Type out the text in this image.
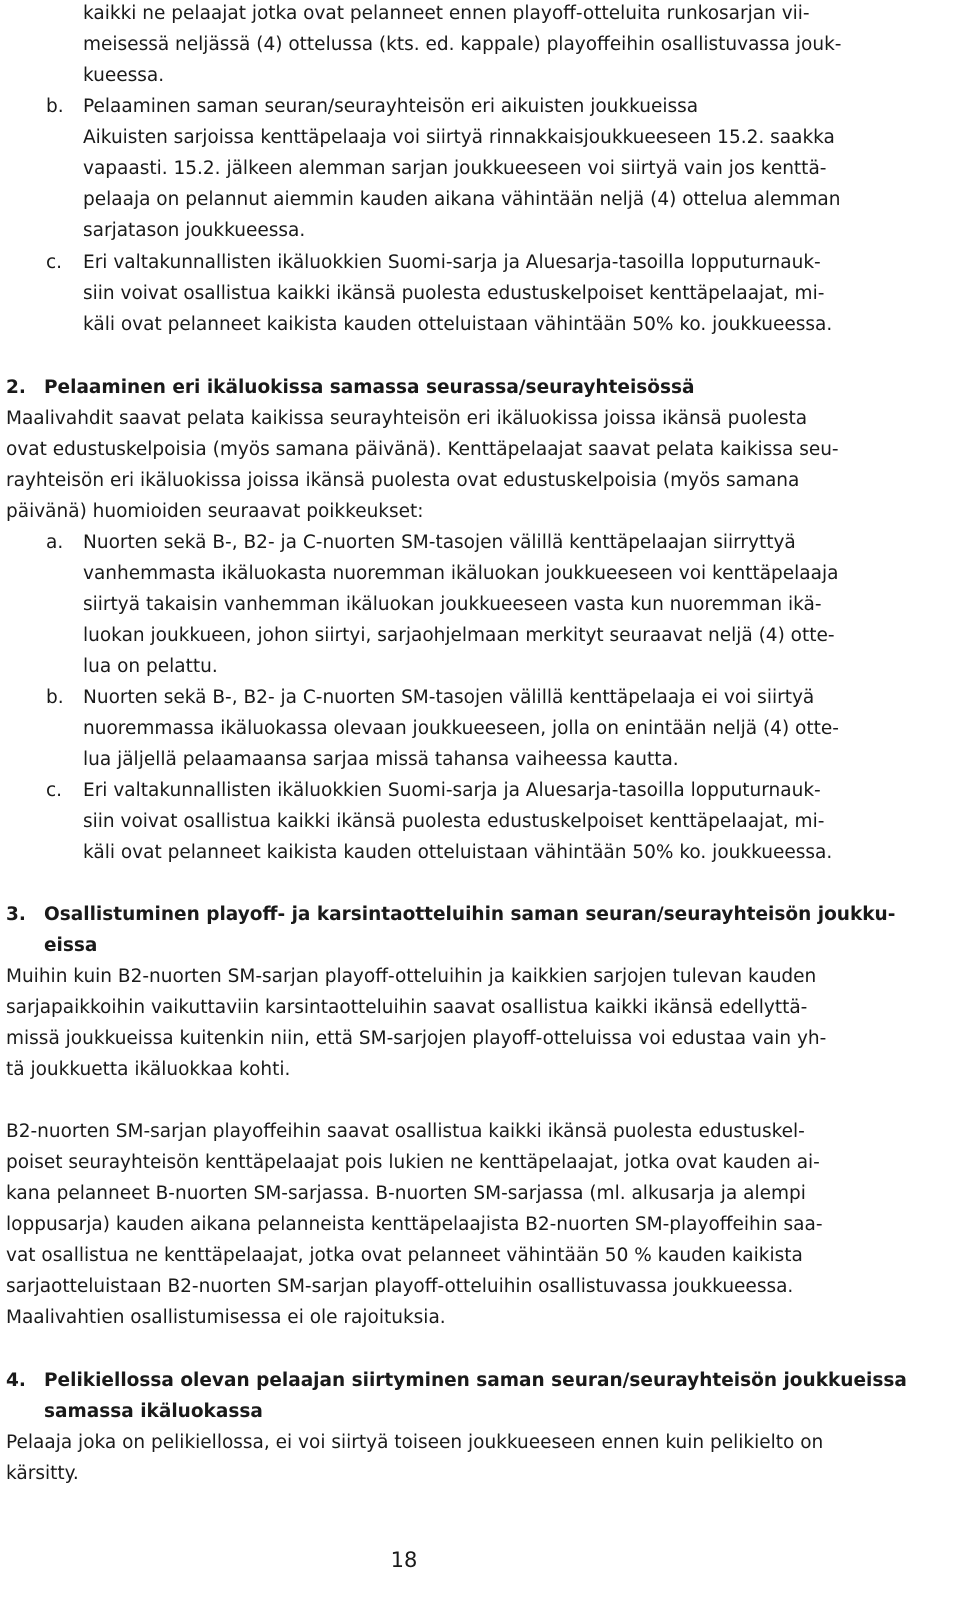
kaikki ne pelaajat jotka ovat pelanneet ennen playoff-otteluita runkosarjan vii-
meisessä neljässä (4) ottelussa (kts. ed. kappale) playoffeihin osallistuvassa jouk-
kueessa.
b. Pelaaminen saman seuran/seurayhteisön eri aikuisten joukkueissa
Aikuisten sarjoissa kenttäpelaaja voi siirtyä rinnakkaisjoukkueeseen 15.2. saakka
vapaasti. 15.2. jälkeen alemman sarjan joukkueeseen voi siirtyä vain jos kenttä-
pelaaja on pelannut aiemmin kauden aikana vähintään neljä (4) ottelua alemman
sarjatason joukkueessa.
c. Eri valtakunnallisten ikäluokkien Suomi-sarja ja Aluesarja-tasoilla lopputurnauk-
siin voivat osallistua kaikki ikänsä puolesta edustuskelpoiset kenttäpelaajat, mi-
käli ovat pelanneet kaikista kauden otteluistaan vähintään 50% ko. joukkueessa.
2. Pelaaminen eri ikäluokissa samassa seurassa/seurayhteisössä
Maalivahdit saavat pelata kaikissa seurayhteisön eri ikäluokissa joissa ikänsä puolesta
ovat edustuskelpoisia (myös samana päivänä). Kenttäpelaajat saavat pelata kaikissa seu-
rayhteisön eri ikäluokissa joissa ikänsä puolesta ovat edustuskelpoisia (myös samana
päivänä) huomioiden seuraavat poikkeukset:
a. Nuorten sekä B-, B2- ja C-nuorten SM-tasojen välillä kenttäpelaajan siirryttyä
vanhemmasta ikäluokasta nuoremman ikäluokan joukkueeseen voi kenttäpelaaja
siirtyä takaisin vanhemman ikäluokan joukkueeseen vasta kun nuoremman ikä-
luokan joukkueen, johon siirtyi, sarjaohjelmaan merkityt seuraavat neljä (4) otte-
lua on pelattu.
b. Nuorten sekä B-, B2- ja C-nuorten SM-tasojen välillä kenttäpelaaja ei voi siirtyä
nuoremmassa ikäluokassa olevaan joukkueeseen, jolla on enintään neljä (4) otte-
lua jäljellä pelaamaansa sarjaa missä tahansa vaiheessa kautta.
c. Eri valtakunnallisten ikäluokkien Suomi-sarja ja Aluesarja-tasoilla lopputurnauk-
siin voivat osallistua kaikki ikänsä puolesta edustuskelpoiset kenttäpelaajat, mi-
käli ovat pelanneet kaikista kauden otteluistaan vähintään 50% ko. joukkueessa.
3. Osallistuminen playoff- ja karsintaotteluihin saman seuran/seurayhteisön joukku-
eissa
Muihin kuin B2-nuorten SM-sarjan playoff-otteluihin ja kaikkien sarjojen tulevan kauden
sarjapaikkoihin vaikuttaviin karsintaotteluihin saavat osallistua kaikki ikänsä edellyttä-
missä joukkueissa kuitenkin niin, että SM-sarjojen playoff-otteluissa voi edustaa vain yh-
tä joukkuetta ikäluokkaa kohti.
B2-nuorten SM-sarjan playoffeihin saavat osallistua kaikki ikänsä puolesta edustuskel-
poiset seurayhteisön kenttäpelaajat pois lukien ne kenttäpelaajat, jotka ovat kauden ai-
kana pelanneet B-nuorten SM-sarjassa. B-nuorten SM-sarjassa (ml. alkusarja ja alempi
loppusarja) kauden aikana pelanneista kenttäpelaajista B2-nuorten SM-playoffeihin saa-
vat osallistua ne kenttäpelaajat, jotka ovat pelanneet vähintään 50 % kauden kaikista
sarjaotteluistaan B2-nuorten SM-sarjan playoff-otteluihin osallistuvassa joukkueessa.
Maalivahtien osallistumisessa ei ole rajoituksia.
4. Pelikiellossa olevan pelaajan siirtyminen saman seuran/seurayhteisön joukkueissa
samassa ikäluokassa
Pelaaja joka on pelikiellossa, ei voi siirtyä toiseen joukkueeseen ennen kuin pelikielto on
kärsitty.
18
